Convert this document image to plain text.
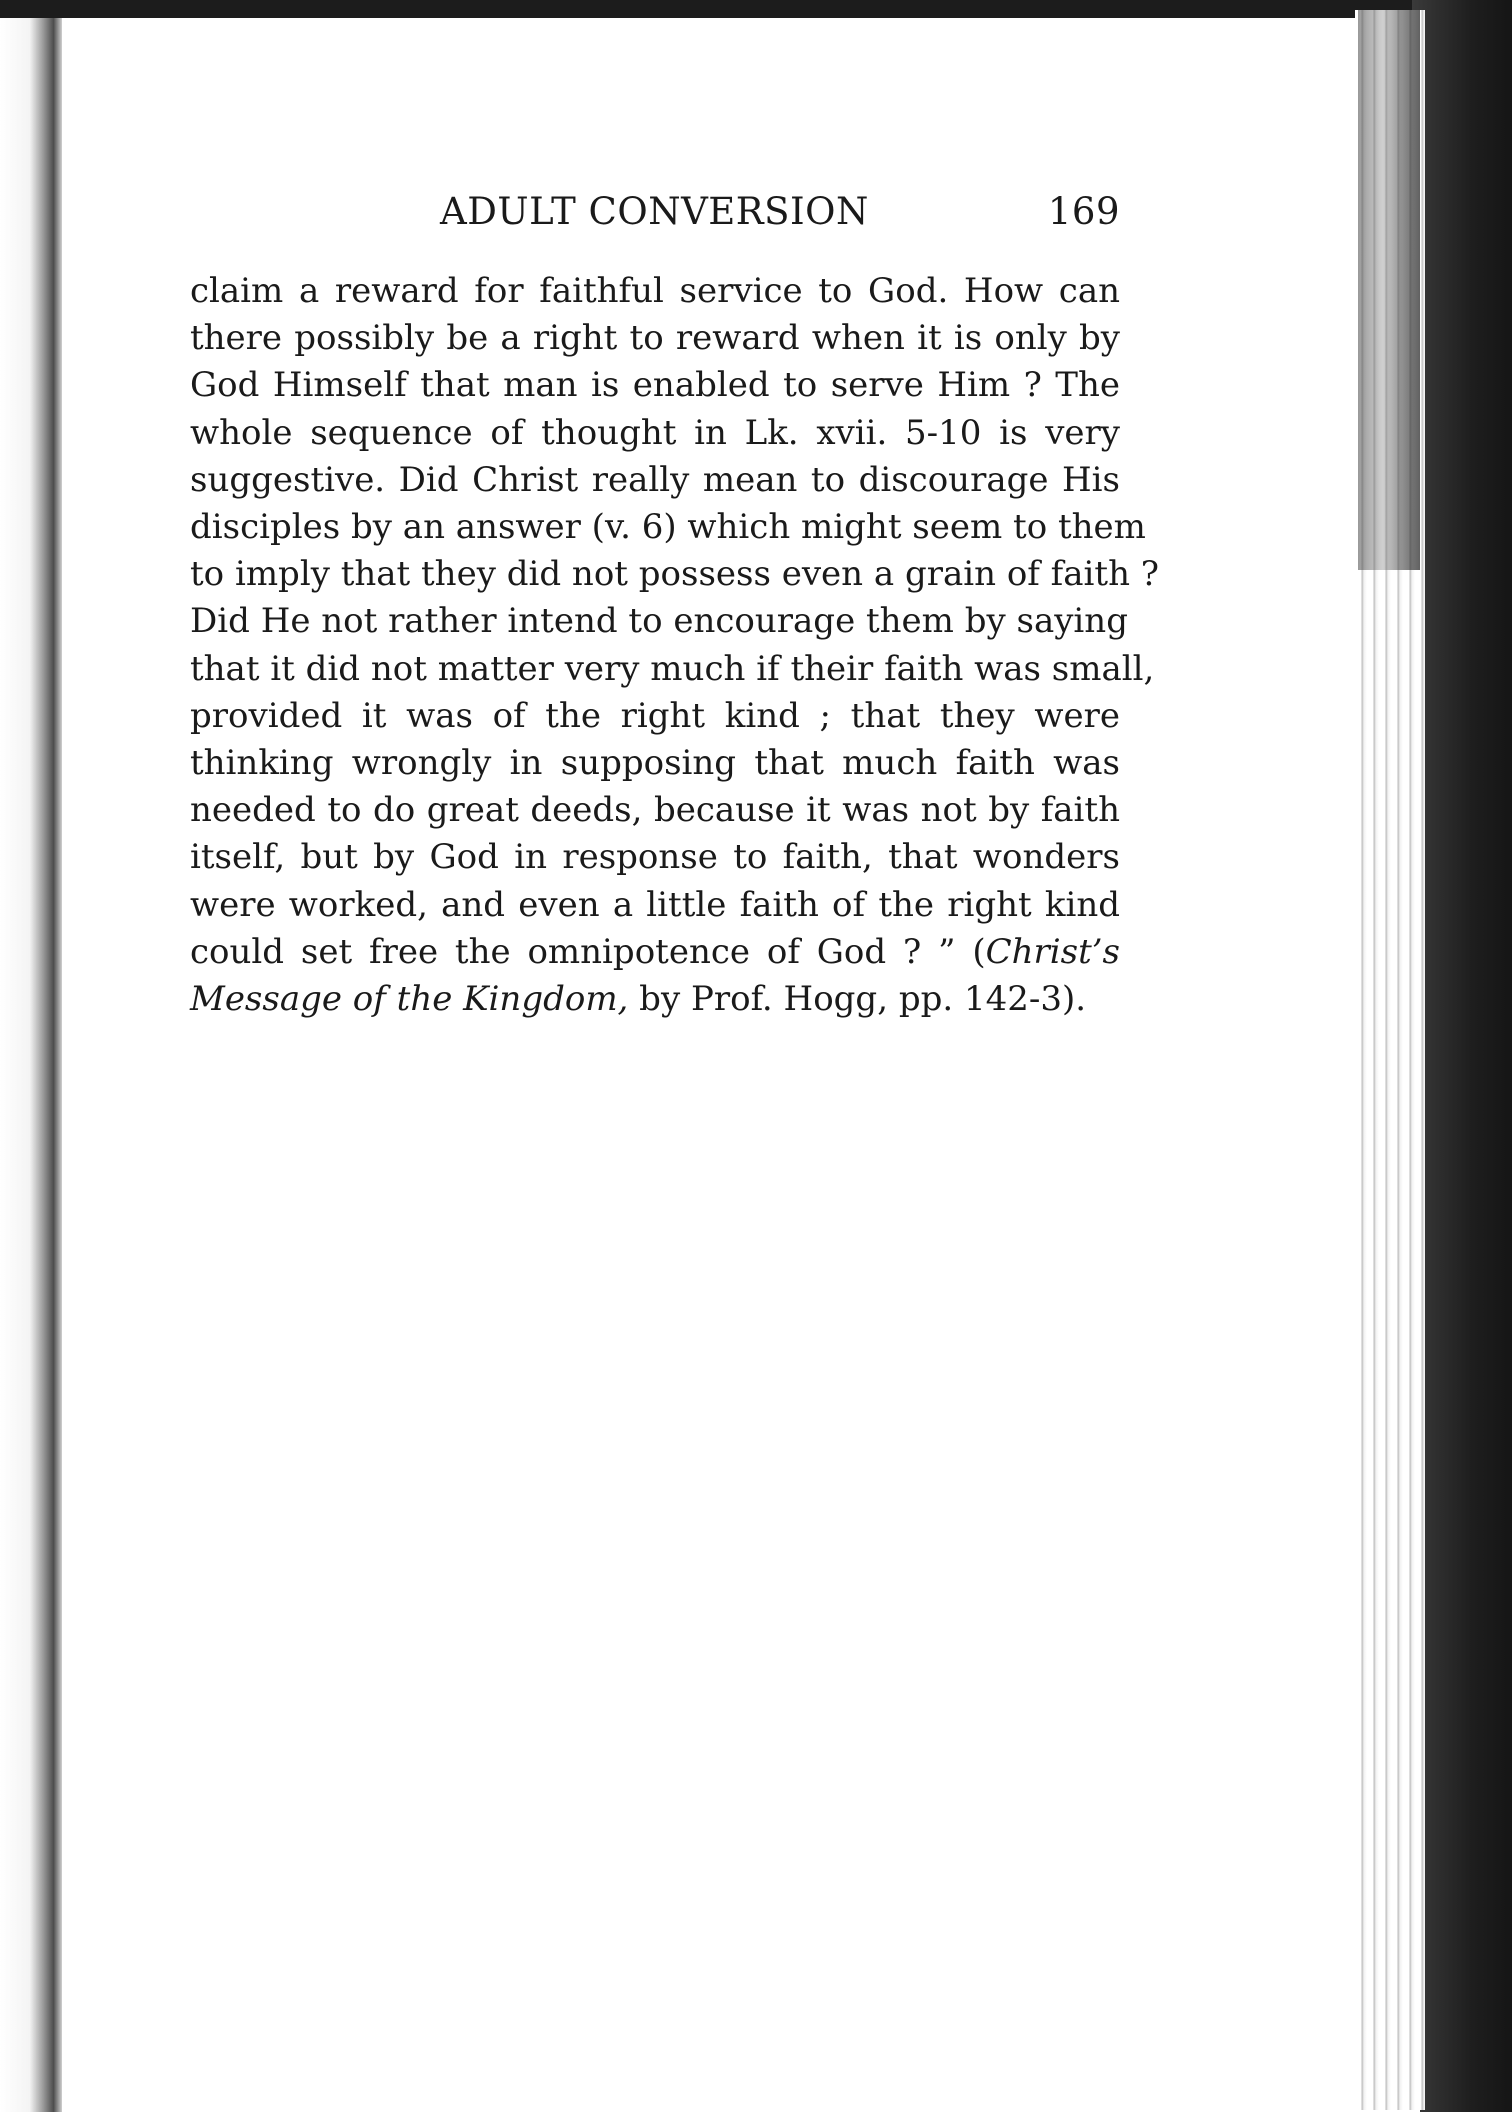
ADULT CONVERSION	169
claim a reward for faithful service to God. How can
there possibly be a right to reward when it is only by
God Himself that man is enabled to serve Him ? The
whole sequence of thought in Lk. xvii. 5-10 is very
suggestive. Did Christ really mean to discourage His
disciples by an answer (v. 6) which might seem to them
to imply that they did not possess even a grain of faith ?
Did He not rather intend to encourage them by saying
that it did not matter very much if their faith was small,
provided it was of the right kind ; that they were
thinking wrongly in supposing that much faith was
needed to do great deeds, because it was not by faith
itself, but by God in response to faith, that wonders
were worked, and even a little faith of the right kind
could set free the omnipotence of God ? ” (Christ’s
Message of the Kingdom, by Prof. Hogg, pp. 142-3).
